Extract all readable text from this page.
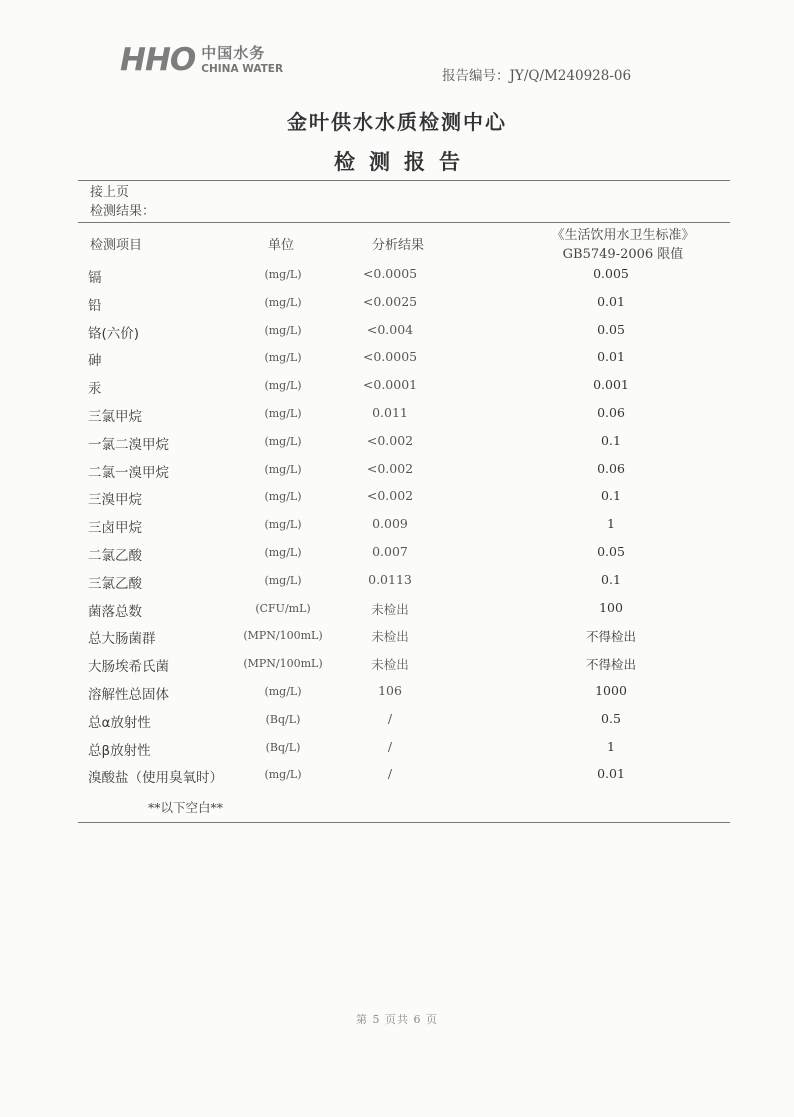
HHO 中国水务
CHINA WATER	报告编号：JY/Q/M240928-06
金叶供水水质检测中心
检测报告
接上页
检测结果：
检测项目	单位	分析结果
《生活饮用水卫生标准》
GB5749-2006 限值
镉	(mg/L)	<0.0005	0.005
铅	(mg/L)	<0.0025	0.01
铬(六价)	(mg/L)	<0.004	0.05
砷	(mg/L)	<0.0005	0.01
汞	(mg/L)	<0.0001	0.001
三氯甲烷	(mg/L)	0.011	0.06
一氯二溴甲烷	(mg/L)	<0.002	0.1
二氯一溴甲烷	(mg/L)	<0.002	0.06
三溴甲烷	(mg/L)	<0.002	0.1
三卤甲烷	(mg/L)	0.009	1
二氯乙酸	(mg/L)	0.007	0.05
三氯乙酸	(mg/L)	0.0113	0.1
菌落总数	(CFU/mL)	未检出	100
总大肠菌群	(MPN/100mL)	未检出	不得检出
大肠埃希氏菌	(MPN/100mL)	未检出	不得检出
溶解性总固体	(mg/L)	106	1000
总α放射性	(Bq/L)	/	0.5
总β放射性	(Bq/L)	/	1
溴酸盐（使用臭氧时）	(mg/L)	/	0.01
**以下空白**
第 5 页共 6 页
